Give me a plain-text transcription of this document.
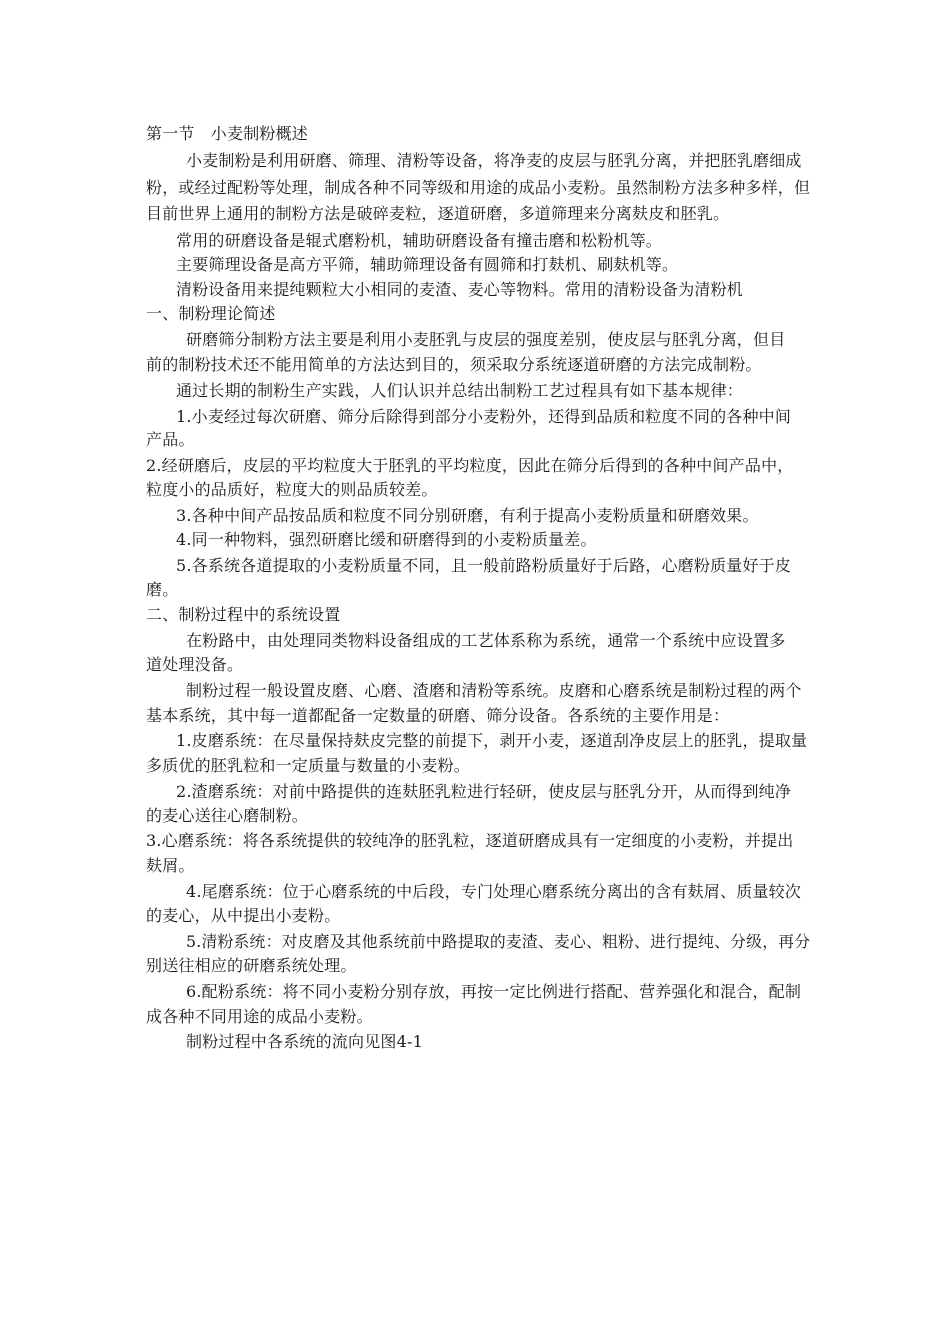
第一节　小麦制粉概述
小麦制粉是利用研磨、筛理、清粉等设备，将净麦的皮层与胚乳分离，并把胚乳磨细成
粉，或经过配粉等处理，制成各种不同等级和用途的成品小麦粉。虽然制粉方法多种多样，但
目前世界上通用的制粉方法是破碎麦粒，逐道研磨，多道筛理来分离麸皮和胚乳。
常用的研磨设备是辊式磨粉机，辅助研磨设备有撞击磨和松粉机等。
主要筛理设备是高方平筛，辅助筛理设备有圆筛和打麸机、刷麸机等。
清粉设备用来提纯颗粒大小相同的麦渣、麦心等物料。常用的清粉设备为清粉机
一、制粉理论简述
研磨筛分制粉方法主要是利用小麦胚乳与皮层的强度差别，使皮层与胚乳分离，但目
前的制粉技术还不能用简单的方法达到目的，须采取分系统逐道研磨的方法完成制粉。
通过长期的制粉生产实践，人们认识并总结出制粉工艺过程具有如下基本规律：
1.小麦经过每次研磨、筛分后除得到部分小麦粉外，还得到品质和粒度不同的各种中间
产品。
2.经研磨后，皮层的平均粒度大于胚乳的平均粒度，因此在筛分后得到的各种中间产品中，
粒度小的品质好，粒度大的则品质较差。
3.各种中间产品按品质和粒度不同分别研磨，有利于提高小麦粉质量和研磨效果。
4.同一种物料，强烈研磨比缓和研磨得到的小麦粉质量差。
5.各系统各道提取的小麦粉质量不同，且一般前路粉质量好于后路，心磨粉质量好于皮
磨。
二、制粉过程中的系统设置
在粉路中，由处理同类物料设备组成的工艺体系称为系统，通常一个系统中应设置多
道处理没备。
制粉过程一般设置皮磨、心磨、渣磨和清粉等系统。皮磨和心磨系统是制粉过程的两个
基本系统，其中每一道都配备一定数量的研磨、筛分设备。各系统的主要作用是：
1.皮磨系统：在尽量保持麸皮完整的前提下，剥开小麦，逐道刮净皮层上的胚乳，提取量
多质优的胚乳粒和一定质量与数量的小麦粉。
2.渣磨系统：对前中路提供的连麸胚乳粒进行轻研，使皮层与胚乳分开，从而得到纯净
的麦心送往心磨制粉。
3.心磨系统：将各系统提供的较纯净的胚乳粒，逐道研磨成具有一定细度的小麦粉，并提出
麸屑。
4.尾磨系统：位于心磨系统的中后段，专门处理心磨系统分离出的含有麸屑、质量较次
的麦心，从中提出小麦粉。
5.清粉系统：对皮磨及其他系统前中路提取的麦渣、麦心、粗粉、进行提纯、分级，再分
别送往相应的研磨系统处理。
6.配粉系统：将不同小麦粉分别存放，再按一定比例进行搭配、营养强化和混合，配制
成各种不同用途的成品小麦粉。
制粉过程中各系统的流向见图4-1
